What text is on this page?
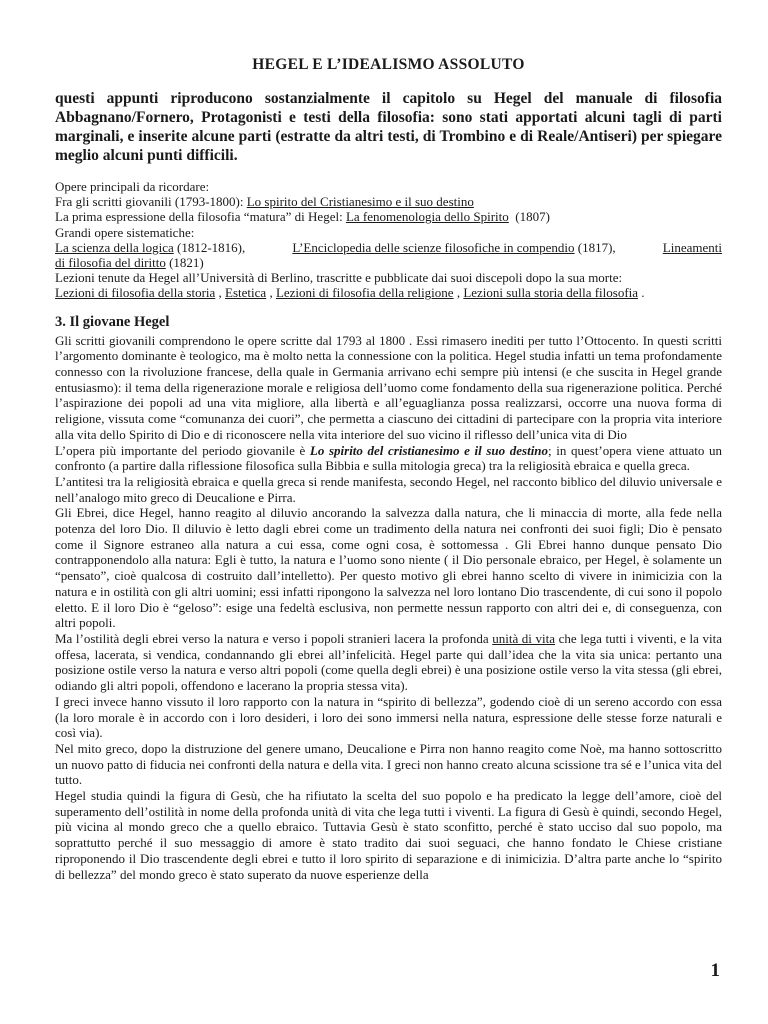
HEGEL E L’IDEALISMO ASSOLUTO

questi appunti riproducono sostanzialmente il capitolo su Hegel del manuale di filosofia Abbagnano/Fornero, Protagonisti e testi della filosofia: sono stati apportati alcuni tagli di parti marginali, e inserite alcune parti (estratte da altri testi, di Trombino e di Reale/Antiseri) per spiegare meglio alcuni punti difficili.

Opere principali da ricordare:
Fra gli scritti giovanili (1793-1800): Lo spirito del Cristianesimo e il suo destino
La prima espressione della filosofia “matura” di Hegel: La fenomenologia dello Spirito (1807)
Grandi opere sistematiche:
La scienza della logica (1812-1816),	L’Enciclopedia delle scienze filosofiche in compendio (1817),	Lineamenti
di filosofia del diritto (1821)
Lezioni tenute da Hegel all’Università di Berlino, trascritte e pubblicate dai suoi discepoli dopo la sua morte:
Lezioni di filosofia della storia , Estetica , Lezioni di filosofia della religione , Lezioni sulla storia della filosofia .
3. Il giovane Hegel

Gli scritti giovanili comprendono le opere scritte dal 1793 al 1800 . Essi rimasero inediti per tutto l’Ottocento. In questi scritti l’argomento dominante è teologico, ma è molto netta la connessione con la politica. Hegel studia infatti un tema profondamente connesso con la rivoluzione francese, della quale in Germania arrivano echi sempre più intensi (e che suscita in Hegel grande entusiasmo): il tema della rigenerazione morale e religiosa dell’uomo come fondamento della sua rigenerazione politica. Perché l’aspirazione dei popoli ad una vita migliore, alla libertà e all’eguaglianza possa realizzarsi, occorre una nuova forma di religione, vissuta come “comunanza dei cuori”, che permetta a ciascuno dei cittadini di partecipare con la propria vita interiore alla vita dello Spirito di Dio e di riconoscere nella vita interiore del suo vicino il riflesso dell’unica vita di Dio

L’opera più importante del periodo giovanile è Lo spirito del cristianesimo e il suo destino; in quest’opera viene attuato un confronto (a partire dalla riflessione filosofica sulla Bibbia e sulla mitologia greca) tra la religiosità ebraica e quella greca.

L’antitesi tra la religiosità ebraica e quella greca si rende manifesta, secondo Hegel, nel racconto biblico del diluvio universale e nell’analogo mito greco di Deucalione e Pirra.

Gli Ebrei, dice Hegel, hanno reagito al diluvio ancorando la salvezza dalla natura, che li minaccia di morte, alla fede nella potenza del loro Dio. Il diluvio è letto dagli ebrei come un tradimento della natura nei confronti dei suoi figli; Dio è pensato come il Signore estraneo alla natura a cui essa, come ogni cosa, è sottomessa . Gli Ebrei hanno dunque pensato Dio contrapponendolo alla natura: Egli è tutto, la natura e l’uomo sono niente ( il Dio personale ebraico, per Hegel, è solamente un “pensato”, cioè qualcosa di costruito dall’intelletto). Per questo motivo gli ebrei hanno scelto di vivere in inimicizia con la natura e in ostilità con gli altri uomini; essi infatti ripongono la salvezza nel loro lontano Dio trascendente, di cui sono il popolo eletto. E il loro Dio è “geloso”: esige una fedeltà esclusiva, non permette nessun rapporto con altri dei e, di conseguenza, con altri popoli.

Ma l’ostilità degli ebrei verso la natura e verso i popoli stranieri lacera la profonda unità di vita che lega tutti i viventi, e la vita offesa, lacerata, si vendica, condannando gli ebrei all’infelicità. Hegel parte qui dall’idea che la vita sia unica: pertanto una posizione ostile verso la natura e verso altri popoli (come quella degli ebrei) è una posizione ostile verso la vita stessa (gli ebrei, odiando gli altri popoli, offendono e lacerano la propria stessa vita).

I greci invece hanno vissuto il loro rapporto con la natura in “spirito di bellezza”, godendo cioè di un sereno accordo con essa (la loro morale è in accordo con i loro desideri, i loro dei sono immersi nella natura, espressione delle stesse forze naturali e così via).

Nel mito greco, dopo la distruzione del genere umano, Deucalione e Pirra non hanno reagito come Noè, ma hanno sottoscritto un nuovo patto di fiducia nei confronti della natura e della vita. I greci non hanno creato alcuna scissione tra sé e l’unica vita del tutto.

Hegel studia quindi la figura di Gesù, che ha rifiutato la scelta del suo popolo e ha predicato la legge dell’amore, cioè del superamento dell’ostilità in nome della profonda unità di vita che lega tutti i viventi. La figura di Gesù è quindi, secondo Hegel, più vicina al mondo greco che a quello ebraico. Tuttavia Gesù è stato sconfitto, perché è stato ucciso dal suo popolo, ma soprattutto perché il suo messaggio di amore è stato tradito dai suoi seguaci, che hanno fondato le Chiese cristiane riproponendo il Dio trascendente degli ebrei e tutto il loro spirito di separazione e di inimicizia. D’altra parte anche lo “spirito di bellezza” del mondo greco è stato superato da nuove esperienze della

1
